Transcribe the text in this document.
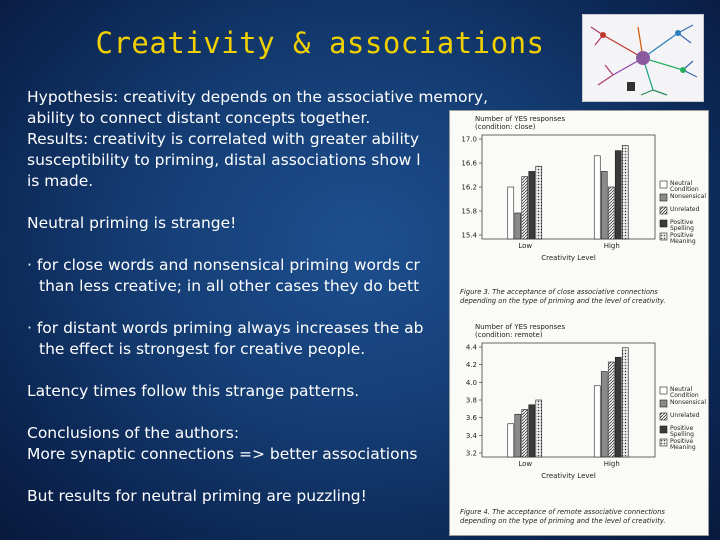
Creativity & associations

Hypothesis: creativity depends on the associative memory,

ability to connect distant concepts together.

Results: creativity is correlated with greater ability

susceptibility to priming, distal associations show l

is made.

Neutral priming is strange!

· for close words and nonsensical priming words cr

than less creative; in all other cases they do bett

· for distant words priming always increases the ab

the effect is strongest for creative people.

Latency times follow this strange patterns.

Conclusions of the authors:

More synaptic connections => better associations

But results for neutral priming are puzzling!

Number of YES responses
(condition: close)
17.0
16.6
16.2
15.8
15.4
Low	High
Creativity Level
Neutral
Condition
Nonsensical
Unrelated
Positive
Spelling
Positive
Meaning
Figure 3. The acceptance of close associative connections
depending on the type of priming and the level of creativity.
Number of YES responses
(condition: remote)
4.4
4.2
4.0
3.8
3.6
3.4
3.2
Low	High
Creativity Level
Neutral
Condition
Nonsensical
Unrelated
Positive
Spelling
Positive
Meaning
Figure 4. The acceptance of remote associative connections
depending on the type of priming and the level of creativity.
